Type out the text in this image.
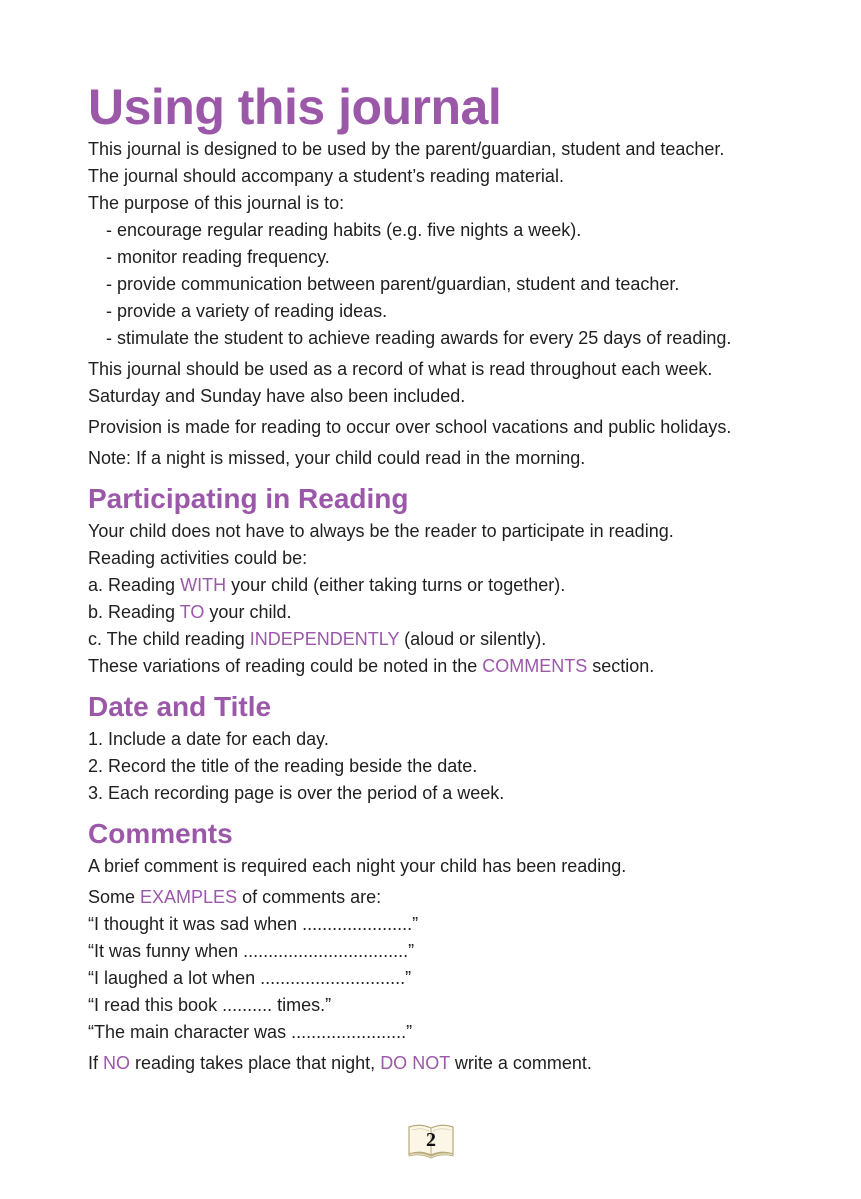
Using this journal

This journal is designed to be used by the parent/guardian, student and teacher.

The journal should accompany a student’s reading material.

The purpose of this journal is to:

- encourage regular reading habits (e.g. five nights a week).

- monitor reading frequency.

- provide communication between parent/guardian, student and teacher.

- provide a variety of reading ideas.

- stimulate the student to achieve reading awards for every 25 days of reading.

This journal should be used as a record of what is read throughout each week.

Saturday and Sunday have also been included.

Provision is made for reading to occur over school vacations and public holidays.

Note: If a night is missed, your child could read in the morning.

Participating in Reading

Your child does not have to always be the reader to participate in reading.

Reading activities could be:

a. Reading WITH your child (either taking turns or together).

b. Reading TO your child.

c. The child reading INDEPENDENTLY (aloud or silently).

These variations of reading could be noted in the COMMENTS section.

Date and Title

1. Include a date for each day.

2. Record the title of the reading beside the date.

3. Each recording page is over the period of a week.

Comments

A brief comment is required each night your child has been reading.

Some EXAMPLES of comments are:

“I thought it was sad when ......................”

“It was funny when .................................”

“I laughed a lot when .............................”

“I read this book .......... times.”

“The main character was .......................”

If NO reading takes place that night, DO NOT write a comment.

2
